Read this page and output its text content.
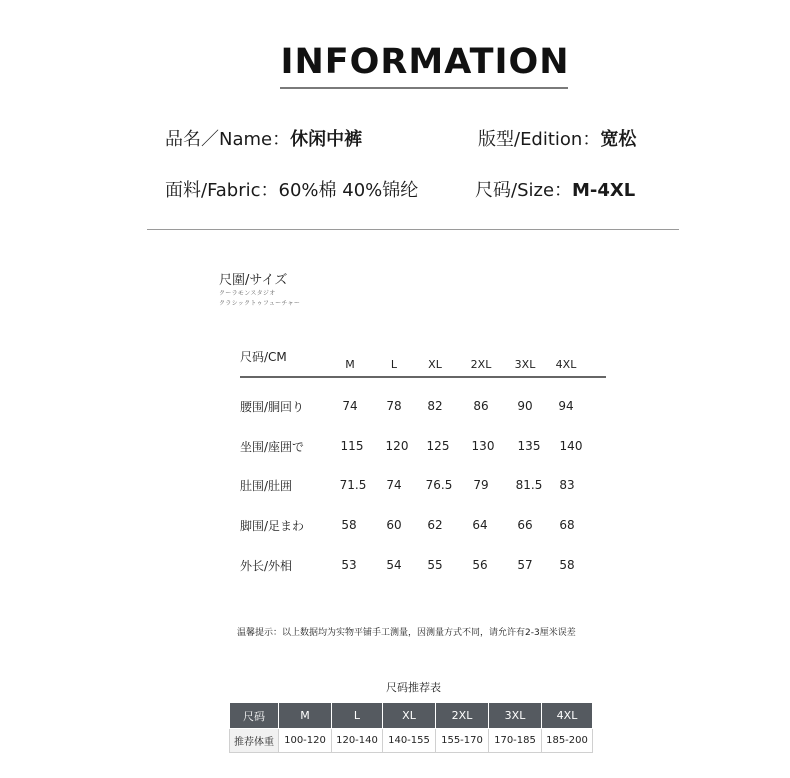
INFORMATION
品名／Name：休闲中裤	版型/Edition：宽松
面料/Fabric：60%棉 40%锦纶	尺码/Size：M-4XL
尺圍/サイズ
クーラモンスタジオ
クラシックトゥフューチャー
尺码/CM
M	L	XL	2XL	3XL	4XL
腰围/胴回り	74	78	82	86	90	94
坐围/座囲で	115	120	125	130	135	140
肚围/肚囲	71.5	74	76.5	79	81.5	83
脚围/足まわ	58	60	62	64	66	68
外长/外相	53	54	55	56	57	58
温馨提示：以上数据均为实物平铺手工测量，因测量方式不同，请允许有2-3厘米误差
尺码推荐表
尺码	M	L	XL	2XL	3XL	4XL
推荐体重	100-120	120-140	140-155	155-170	170-185	185-200
